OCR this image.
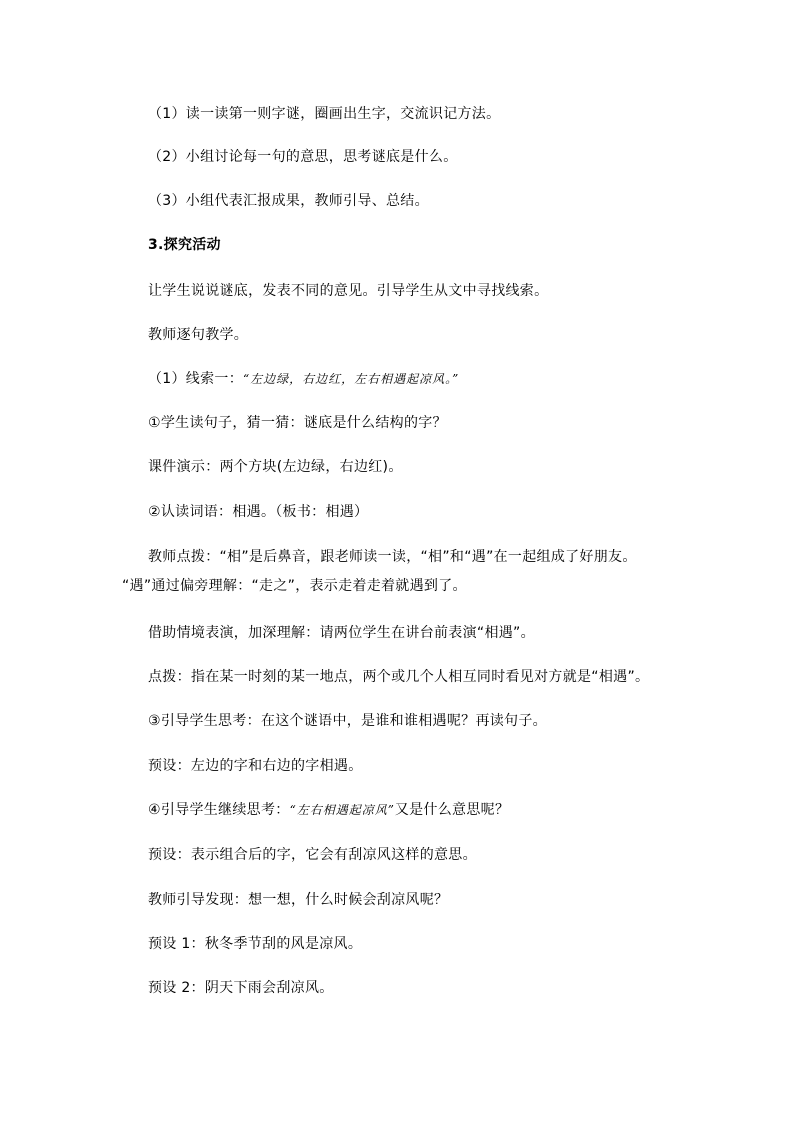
（1）读一读第一则字谜，圈画出生字，交流识记方法。
（2）小组讨论每一句的意思，思考谜底是什么。
（3）小组代表汇报成果，教师引导、总结。
3.探究活动
让学生说说谜底，发表不同的意见。引导学生从文中寻找线索。
教师逐句教学。
（1）线索一：“左边绿，右边红，左右相遇起凉风。”
①学生读句子，猜一猜：谜底是什么结构的字？
课件演示：两个方块(左边绿，右边红)。
②认读词语：相遇。（板书：相遇）
教师点拨：“相”是后鼻音，跟老师读一读，“相”和“遇”在一起组成了好朋友。
“遇”通过偏旁理解：“走之”，表示走着走着就遇到了。
借助情境表演，加深理解：请两位学生在讲台前表演“相遇”。
点拨：指在某一时刻的某一地点，两个或几个人相互同时看见对方就是“相遇”。
③引导学生思考：在这个谜语中，是谁和谁相遇呢？再读句子。
预设：左边的字和右边的字相遇。
④引导学生继续思考：“左右相遇起凉风”又是什么意思呢？
预设：表示组合后的字，它会有刮凉风这样的意思。
教师引导发现：想一想，什么时候会刮凉风呢？
预设 1：秋冬季节刮的风是凉风。
预设 2：阴天下雨会刮凉风。
